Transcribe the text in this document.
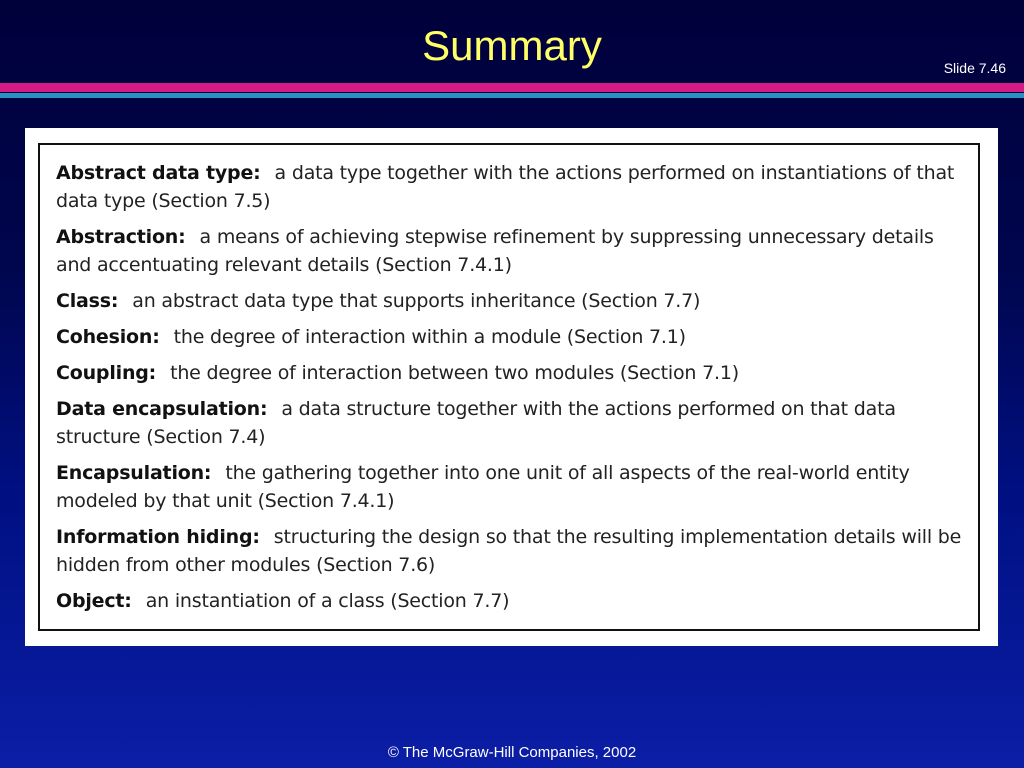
Summary	Slide 7.46
Abstract data type: a data type together with the actions performed on instantiations of that data type (Section 7.5)
Abstraction: a means of achieving stepwise refinement by suppressing unnecessary details and accentuating relevant details (Section 7.4.1)
Class: an abstract data type that supports inheritance (Section 7.7)
Cohesion: the degree of interaction within a module (Section 7.1)
Coupling: the degree of interaction between two modules (Section 7.1)
Data encapsulation: a data structure together with the actions performed on that data structure (Section 7.4)
Encapsulation: the gathering together into one unit of all aspects of the real-world entity modeled by that unit (Section 7.4.1)
Information hiding: structuring the design so that the resulting implementation details will be hidden from other modules (Section 7.6)
Object: an instantiation of a class (Section 7.7)
© The McGraw-Hill Companies, 2002
